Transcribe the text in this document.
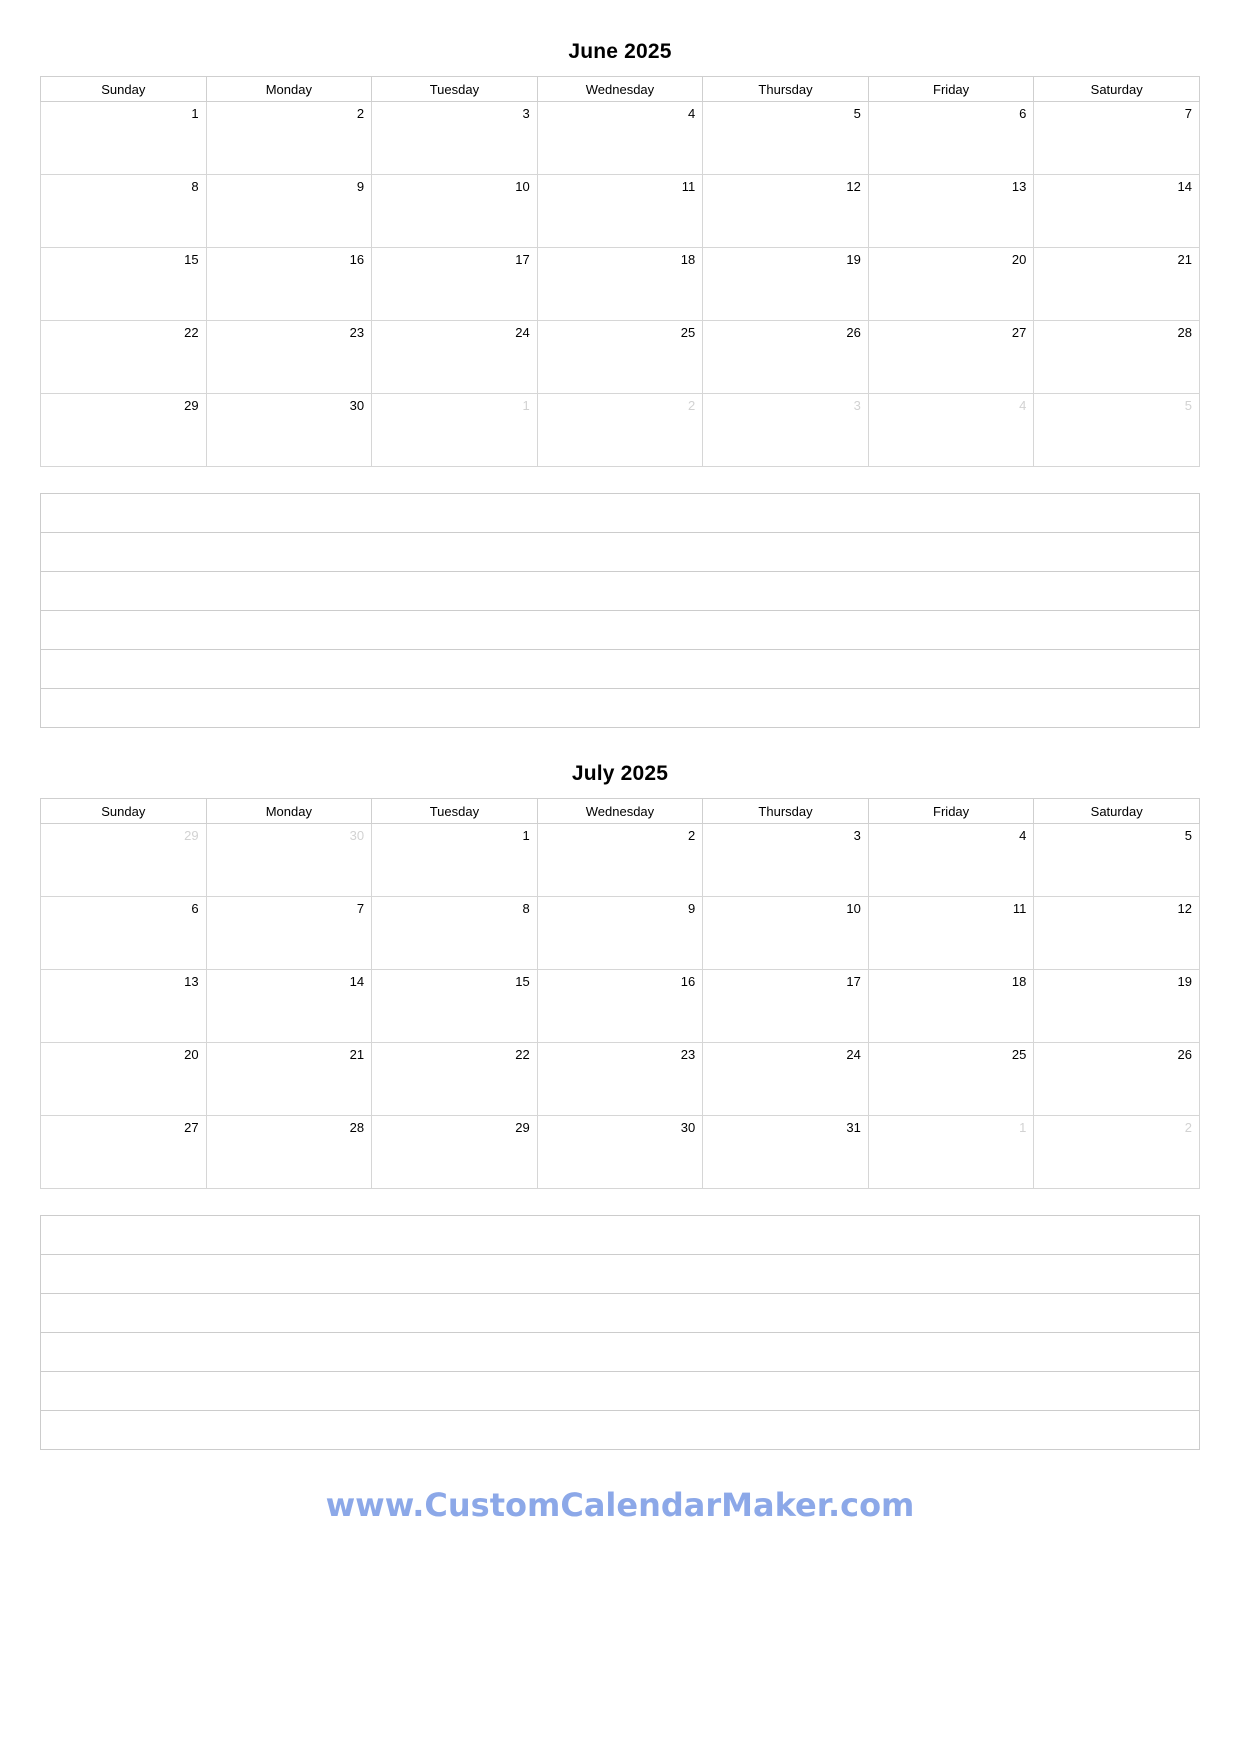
June 2025
Sunday	Monday	Tuesday	Wednesday	Thursday	Friday	Saturday
1	2	3	4	5	6	7
8	9	10	11	12	13	14
15	16	17	18	19	20	21
22	23	24	25	26	27	28
29	30	1	2	3	4	5

July 2025
Sunday	Monday	Tuesday	Wednesday	Thursday	Friday	Saturday
29	30	1	2	3	4	5
6	7	8	9	10	11	12
13	14	15	16	17	18	19
20	21	22	23	24	25	26
27	28	29	30	31	1	2

www.CustomCalendarMaker.com
